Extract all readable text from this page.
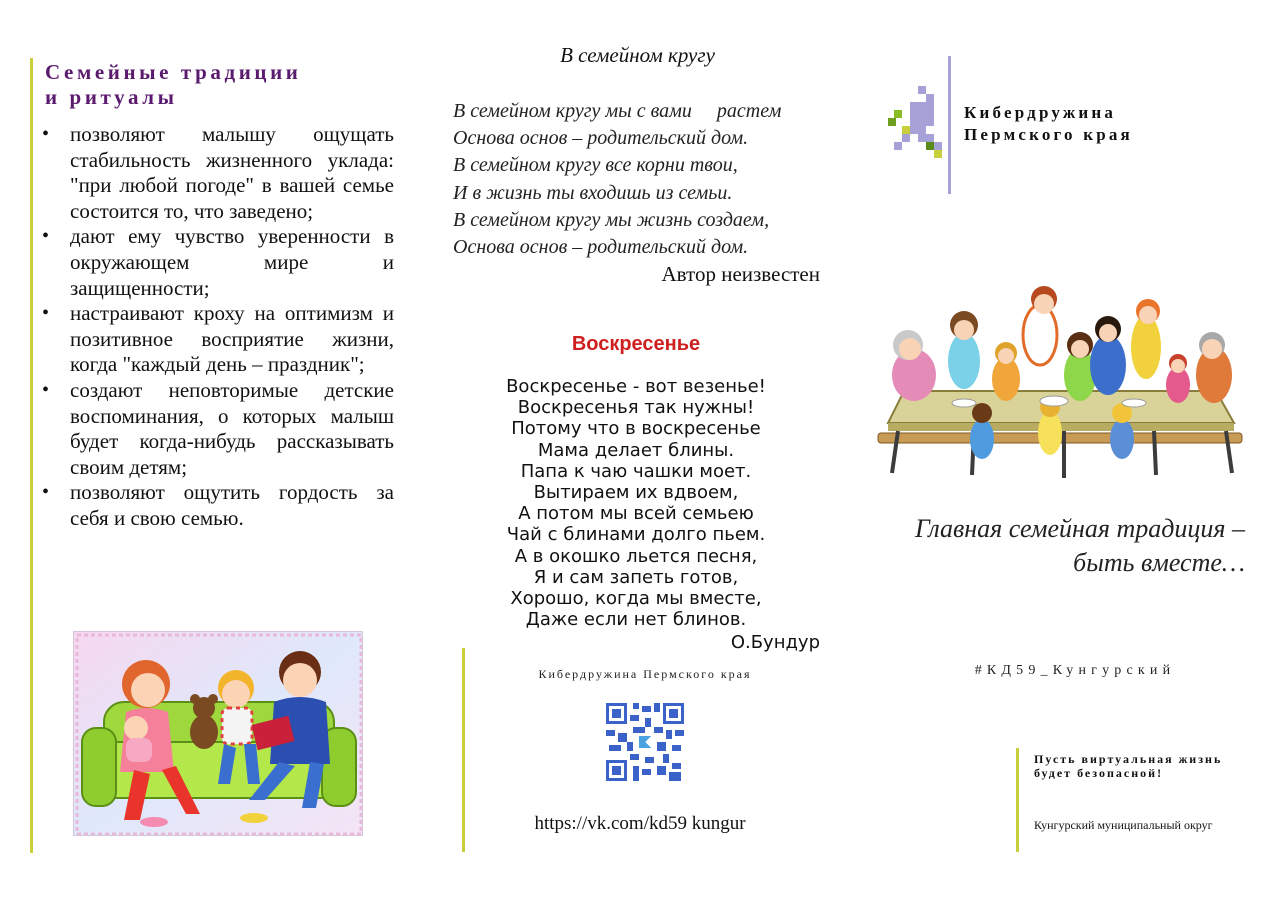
Семейные традиции
и ритуалы
• позволяют малышу ощущать стабильность жизненного уклада: "при любой погоде" в вашей семье состоится то, что заведено;
• дают ему чувство уверенности в окружающем мире и защищенности;
• настраивают кроху на оптимизм и позитивное восприятие жизни, когда "каждый день – праздник";
• создают неповторимые детские воспоминания, о которых малыш будет когда-нибудь рассказывать своим детям;
• позволяют ощутить гордость за себя и свою семью.
В семейном кругу
В семейном кругу мы с вами     растем
Основа основ – родительский дом.
В семейном кругу все корни твои,
И в жизнь ты входишь из семьи.
В семейном кругу мы жизнь создаем,
Основа основ – родительский дом.
Автор неизвестен
Воскресенье
Воскресенье - вот везенье!
Воскресенья так нужны!
Потому что в воскресенье
Мама делает блины.
Папа к чаю чашки моет.
Вытираем их вдвоем,
А потом мы всей семьею
Чай с блинами долго пьем.
А в окошко льется песня,
Я и сам запеть готов,
Хорошо, когда мы вместе,
Даже если нет блинов.
О.Бундур
Кибердружина Пермского края
https://vk.com/kd59 kungur
Кибердружина
Пермского края
Главная семейная традиция –
быть вместе…
#КД59_Кунгурский
Пусть виртуальная жизнь будет безопасной!
Кунгурский муниципальный округ
